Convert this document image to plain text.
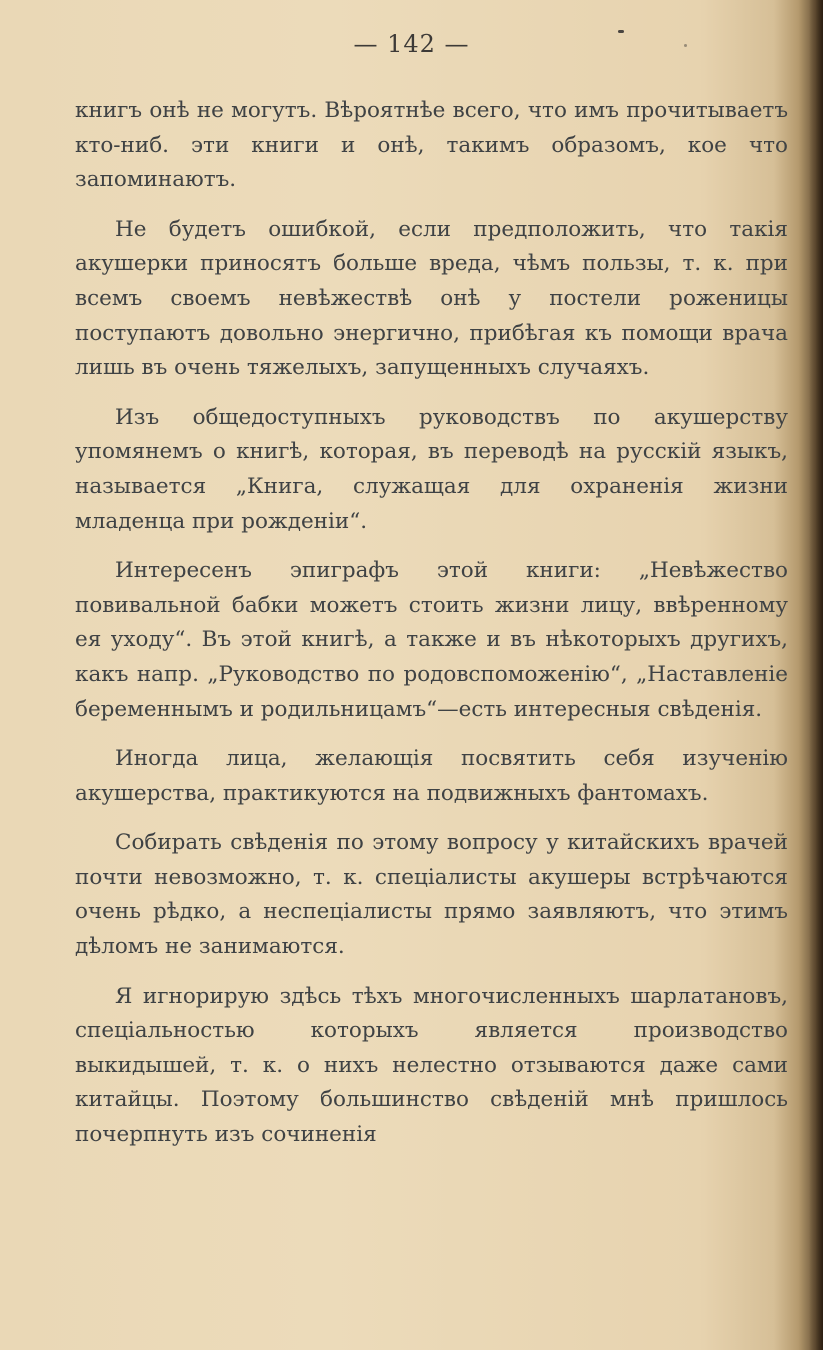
— 142 —

книгъ онѣ не могутъ. Вѣроятнѣе всего, что имъ прочитываетъ кто-ниб. эти книги и онѣ, такимъ образомъ, кое что запоминаютъ.

Не будетъ ошибкой, если предположить, что такія акушерки приносятъ больше вреда, чѣмъ пользы, т. к. при всемъ своемъ невѣжествѣ онѣ у постели роженицы поступаютъ довольно энергично, прибѣгая къ помощи врача лишь въ очень тяжелыхъ, запущенныхъ случаяхъ.

Изъ общедоступныхъ руководствъ по акушерству упомянемъ о книгѣ, которая, въ переводѣ на русскій языкъ, называется „Книга, служащая для охраненія жизни младенца при рожденіи“.

Интересенъ эпиграфъ этой книги: „Невѣжество повивальной бабки можетъ стоить жизни лицу, ввѣренному ея уходу“. Въ этой книгѣ, а также и въ нѣкоторыхъ другихъ, какъ напр. „Руководство по родовспоможенію“, „Наставленіе беременнымъ и родильницамъ“—есть интересныя свѣденія.

Иногда лица, желающія посвятить себя изученію акушерства, практикуются на подвижныхъ фантомахъ.

Собирать свѣденія по этому вопросу у китайскихъ врачей почти невозможно, т. к. спеціалисты акушеры встрѣчаются очень рѣдко, а неспеціалисты прямо заявляютъ, что этимъ дѣломъ не занимаются.

Я игнорирую здѣсь тѣхъ многочисленныхъ шарлатановъ, спеціальностью которыхъ является производство выкидышей, т. к. о нихъ нелестно отзываются даже сами китайцы. Поэтому большинство свѣденій мнѣ пришлось почерпнуть изъ сочиненія
